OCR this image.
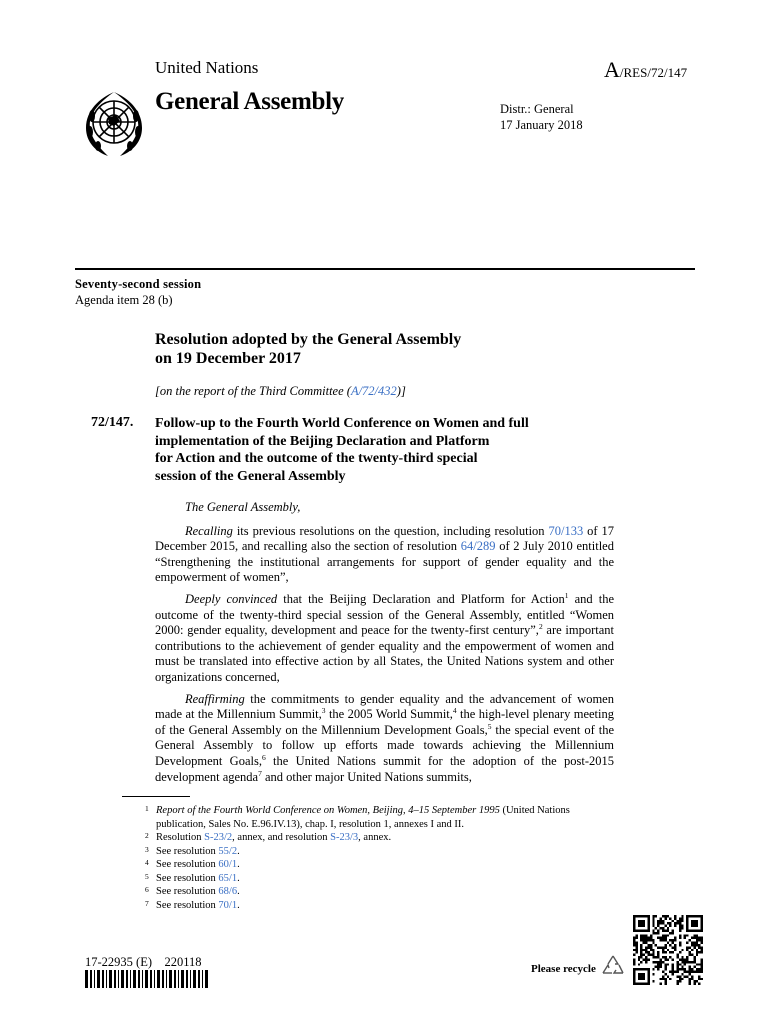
United Nations	A/RES/72/147
General Assembly	Distr.: General
17 January 2018
Seventy-second session
Agenda item 28 (b)
Resolution adopted by the General Assembly
on 19 December 2017
[on the report of the Third Committee (A/72/432)]
72/147. Follow-up to the Fourth World Conference on Women and full
implementation of the Beijing Declaration and Platform
for Action and the outcome of the twenty-third special
session of the General Assembly

The General Assembly,

Recalling its previous resolutions on the question, including resolution 70/133 of 17 December 2015, and recalling also the section of resolution 64/289 of 2 July 2010 entitled “Strengthening the institutional arrangements for support of gender equality and the empowerment of women”,

Deeply convinced that the Beijing Declaration and Platform for Action$^1$ and the outcome of the twenty-third special session of the General Assembly, entitled “Women 2000: gender equality, development and peace for the twenty-first century”,$^2$ are important contributions to the achievement of gender equality and the empowerment of women and must be translated into effective action by all States, the United Nations system and other organizations concerned,

Reaffirming the commitments to gender equality and the advancement of women made at the Millennium Summit,$^3$ the 2005 World Summit,$^4$ the high-level plenary meeting of the General Assembly on the Millennium Development Goals,$^5$ the special event of the General Assembly to follow up efforts made towards achieving the Millennium Development Goals,$^6$ the United Nations summit for the adoption of the post-2015 development agenda$^7$ and other major United Nations summits,

1 Report of the Fourth World Conference on Women, Beijing, 4–15 September 1995 (United Nations publication, Sales No. E.96.IV.13), chap. I, resolution 1, annexes I and II.
2 Resolution S-23/2, annex, and resolution S-23/3, annex.
3 See resolution 55/2.
4 See resolution 60/1.
5 See resolution 65/1.
6 See resolution 68/6.
7 See resolution 70/1.
17-22935 (E)    220118	Please recycle
